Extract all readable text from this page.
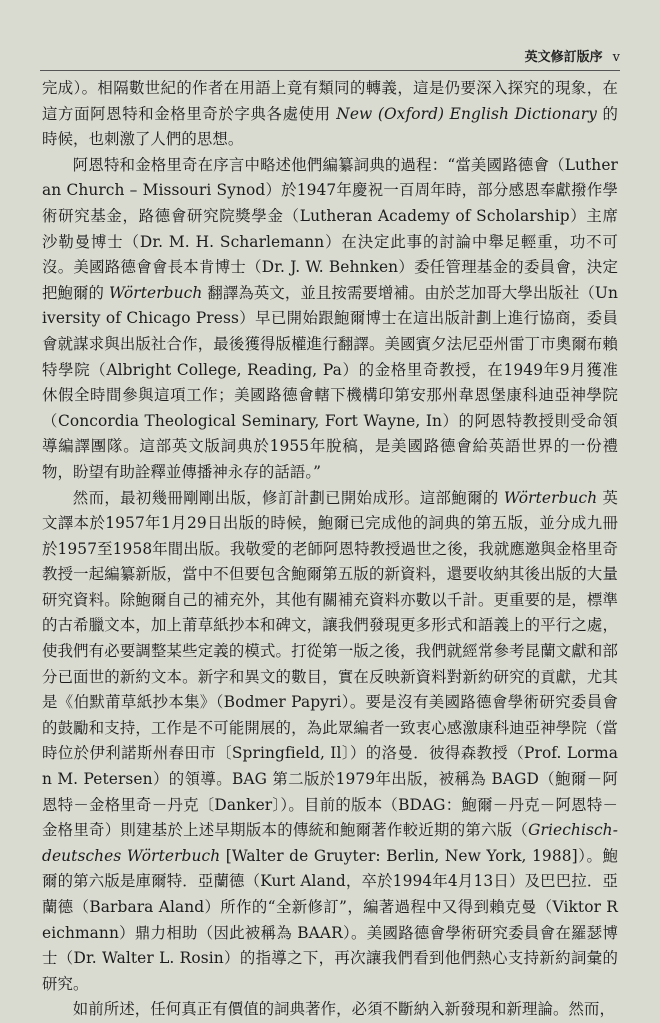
英文修訂版序 v

完成）。相隔數世紀的作者在用語上竟有類同的轉義，這是仍要深入探究的現象，在這方面阿恩特和金格里奇於字典各處使用 New (Oxford) English Dictionary 的時候，也刺激了人們的思想。

阿恩特和金格里奇在序言中略述他們編纂詞典的過程：“當美國路德會（Lutheran Church – Missouri Synod）於1947年慶祝一百周年時，部分感恩奉獻撥作學術研究基金，路德會研究院獎學金（Lutheran Academy of Scholarship）主席沙勒曼博士（Dr. M. H. Scharlemann）在決定此事的討論中舉足輕重，功不可沒。美國路德會會長本肯博士（Dr. J. W. Behnken）委任管理基金的委員會，決定把鮑爾的 Wörterbuch 翻譯為英文，並且按需要增補。由於芝加哥大學出版社（University of Chicago Press）早已開始跟鮑爾博士在這出版計劃上進行協商，委員會就謀求與出版社合作，最後獲得版權進行翻譯。美國賓夕法尼亞州雷丁市奧爾布賴特學院（Albright College, Reading, Pa）的金格里奇教授，在1949年9月獲准休假全時間參與這項工作；美國路德會轄下機構印第安那州韋恩堡康科迪亞神學院（Concordia Theological Seminary, Fort Wayne, In）的阿恩特教授則受命領導編譯團隊。這部英文版詞典於1955年脫稿，是美國路德會給英語世界的一份禮物，盼望有助詮釋並傳播神永存的話語。”

然而，最初幾冊剛剛出版，修訂計劃已開始成形。這部鮑爾的 Wörterbuch 英文譯本於1957年1月29日出版的時候，鮑爾已完成他的詞典的第五版，並分成九冊於1957至1958年間出版。我敬愛的老師阿恩特教授過世之後，我就應邀與金格里奇教授一起編纂新版，當中不但要包含鮑爾第五版的新資料，還要收納其後出版的大量研究資料。除鮑爾自己的補充外，其他有關補充資料亦數以千計。更重要的是，標準的古希臘文本，加上莆草紙抄本和碑文，讓我們發現更多形式和語義上的平行之處，使我們有必要調整某些定義的模式。打從第一版之後，我們就經常參考昆蘭文獻和部分已面世的新約文本。新字和異文的數目，實在反映新資料對新約研究的貢獻，尤其是《伯默莆草紙抄本集》（Bodmer Papyri）。要是沒有美國路德會學術研究委員會的鼓勵和支持，工作是不可能開展的，為此眾編者一致衷心感激康科迪亞神學院（當時位於伊利諾斯州春田市〔Springfield, Il〕）的洛曼．彼得森教授（Prof. Lorman M. Petersen）的領導。BAG 第二版於1979年出版，被稱為 BAGD（鮑爾－阿恩特－金格里奇－丹克〔Danker〕）。目前的版本（BDAG：鮑爾－丹克－阿恩特－金格里奇）則建基於上述早期版本的傳統和鮑爾著作較近期的第六版（Griechisch-deutsches Wörterbuch [Walter de Gruyter: Berlin, New York, 1988]）。鮑爾的第六版是庫爾特．亞蘭德（Kurt Aland，卒於1994年4月13日）及巴巴拉．亞蘭德（Barbara Aland）所作的“全新修訂”，編著過程中又得到賴克曼（Viktor Reichmann）鼎力相助（因此被稱為 BAAR）。美國路德會學術研究委員會在羅瑟博士（Dr. Walter L. Rosin）的指導之下，再次讓我們看到他們熱心支持新約詞彙的研究。

如前所述，任何真正有價值的詞典著作，必須不斷納入新發現和新理論。然而，
